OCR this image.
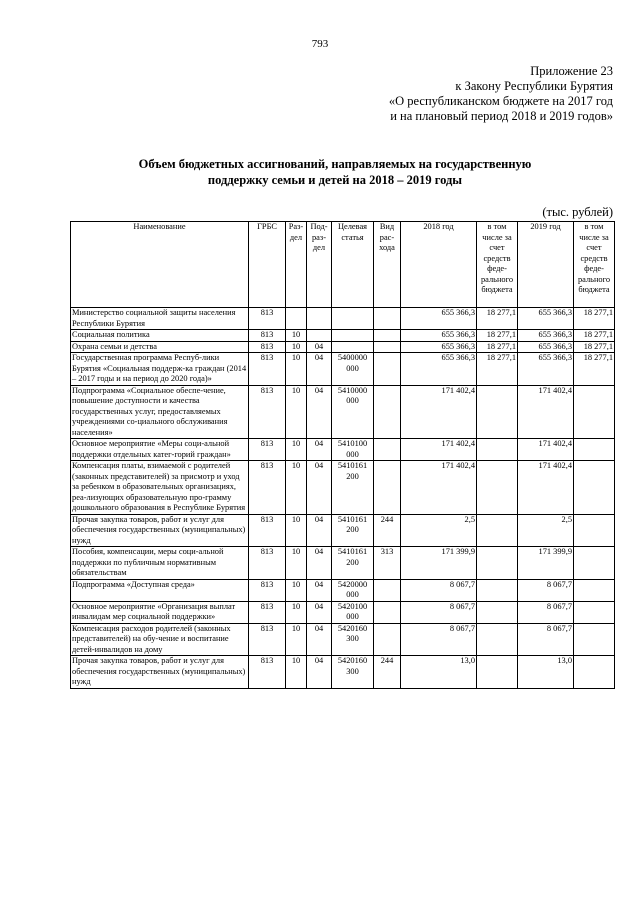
793
Приложение 23
к Закону Республики Бурятия
«О республиканском бюджете на 2017 год
и на плановый период 2018 и 2019 годов»
Объем бюджетных ассигнований, направляемых на государственную
поддержку семьи и детей на 2018 – 2019 годы
(тыс. рублей)
Наименование	ГРБС	Раз-дел	Под-раз-дел	Целевая статья	Вид рас-хода	2018 год	в том числе за счет средств феде-рального бюджета	2019 год	в том числе за счет средств феде-рального бюджета
Министерство социальной защиты населения Республики Бурятия	813					655 366,3	18 277,1	655 366,3	18 277,1
Социальная политика	813	10				655 366,3	18 277,1	655 366,3	18 277,1
Охрана семьи и детства	813	10	04			655 366,3	18 277,1	655 366,3	18 277,1
Государственная программа Респуб-лики Бурятия «Социальная поддерж-ка граждан (2014 – 2017 годы и на период до 2020 года)»	813	10	04	5400000 000		655 366,3	18 277,1	655 366,3	18 277,1
Подпрограмма «Социальное обеспе-чение, повышение доступности и качества государственных услуг, предоставляемых учреждениями со-циального обслуживания населения»	813	10	04	5410000 000		171 402,4		171 402,4	
Основное мероприятие «Меры соци-альной поддержки отдельных катег-горий граждан»	813	10	04	5410100 000		171 402,4		171 402,4	
Компенсация платы, взимаемой с родителей (законных представителей) за присмотр и уход за ребенком в образовательных организациях, реа-лизующих образовательную про-грамму дошкольного образования в Республике Бурятия	813	10	04	5410161 200		171 402,4		171 402,4	
Прочая закупка товаров, работ и услуг для обеспечения государственных (муниципальных) нужд	813	10	04	5410161 200	244	2,5		2,5	
Пособия, компенсации, меры соци-альной поддержки по публичным нормативным обязательствам	813	10	04	5410161 200	313	171 399,9		171 399,9	
Подпрограмма «Доступная среда»	813	10	04	5420000 000		8 067,7		8 067,7	
Основное мероприятие «Организация выплат инвалидам мер социальной поддержки»	813	10	04	5420100 000		8 067,7		8 067,7	
Компенсация расходов родителей (законных представителей) на обу-чение и воспитание детей-инвалидов на дому	813	10	04	5420160 300		8 067,7		8 067,7	
Прочая закупка товаров, работ и услуг для обеспечения государственных (муниципальных) нужд	813	10	04	5420160 300	244	13,0		13,0	
